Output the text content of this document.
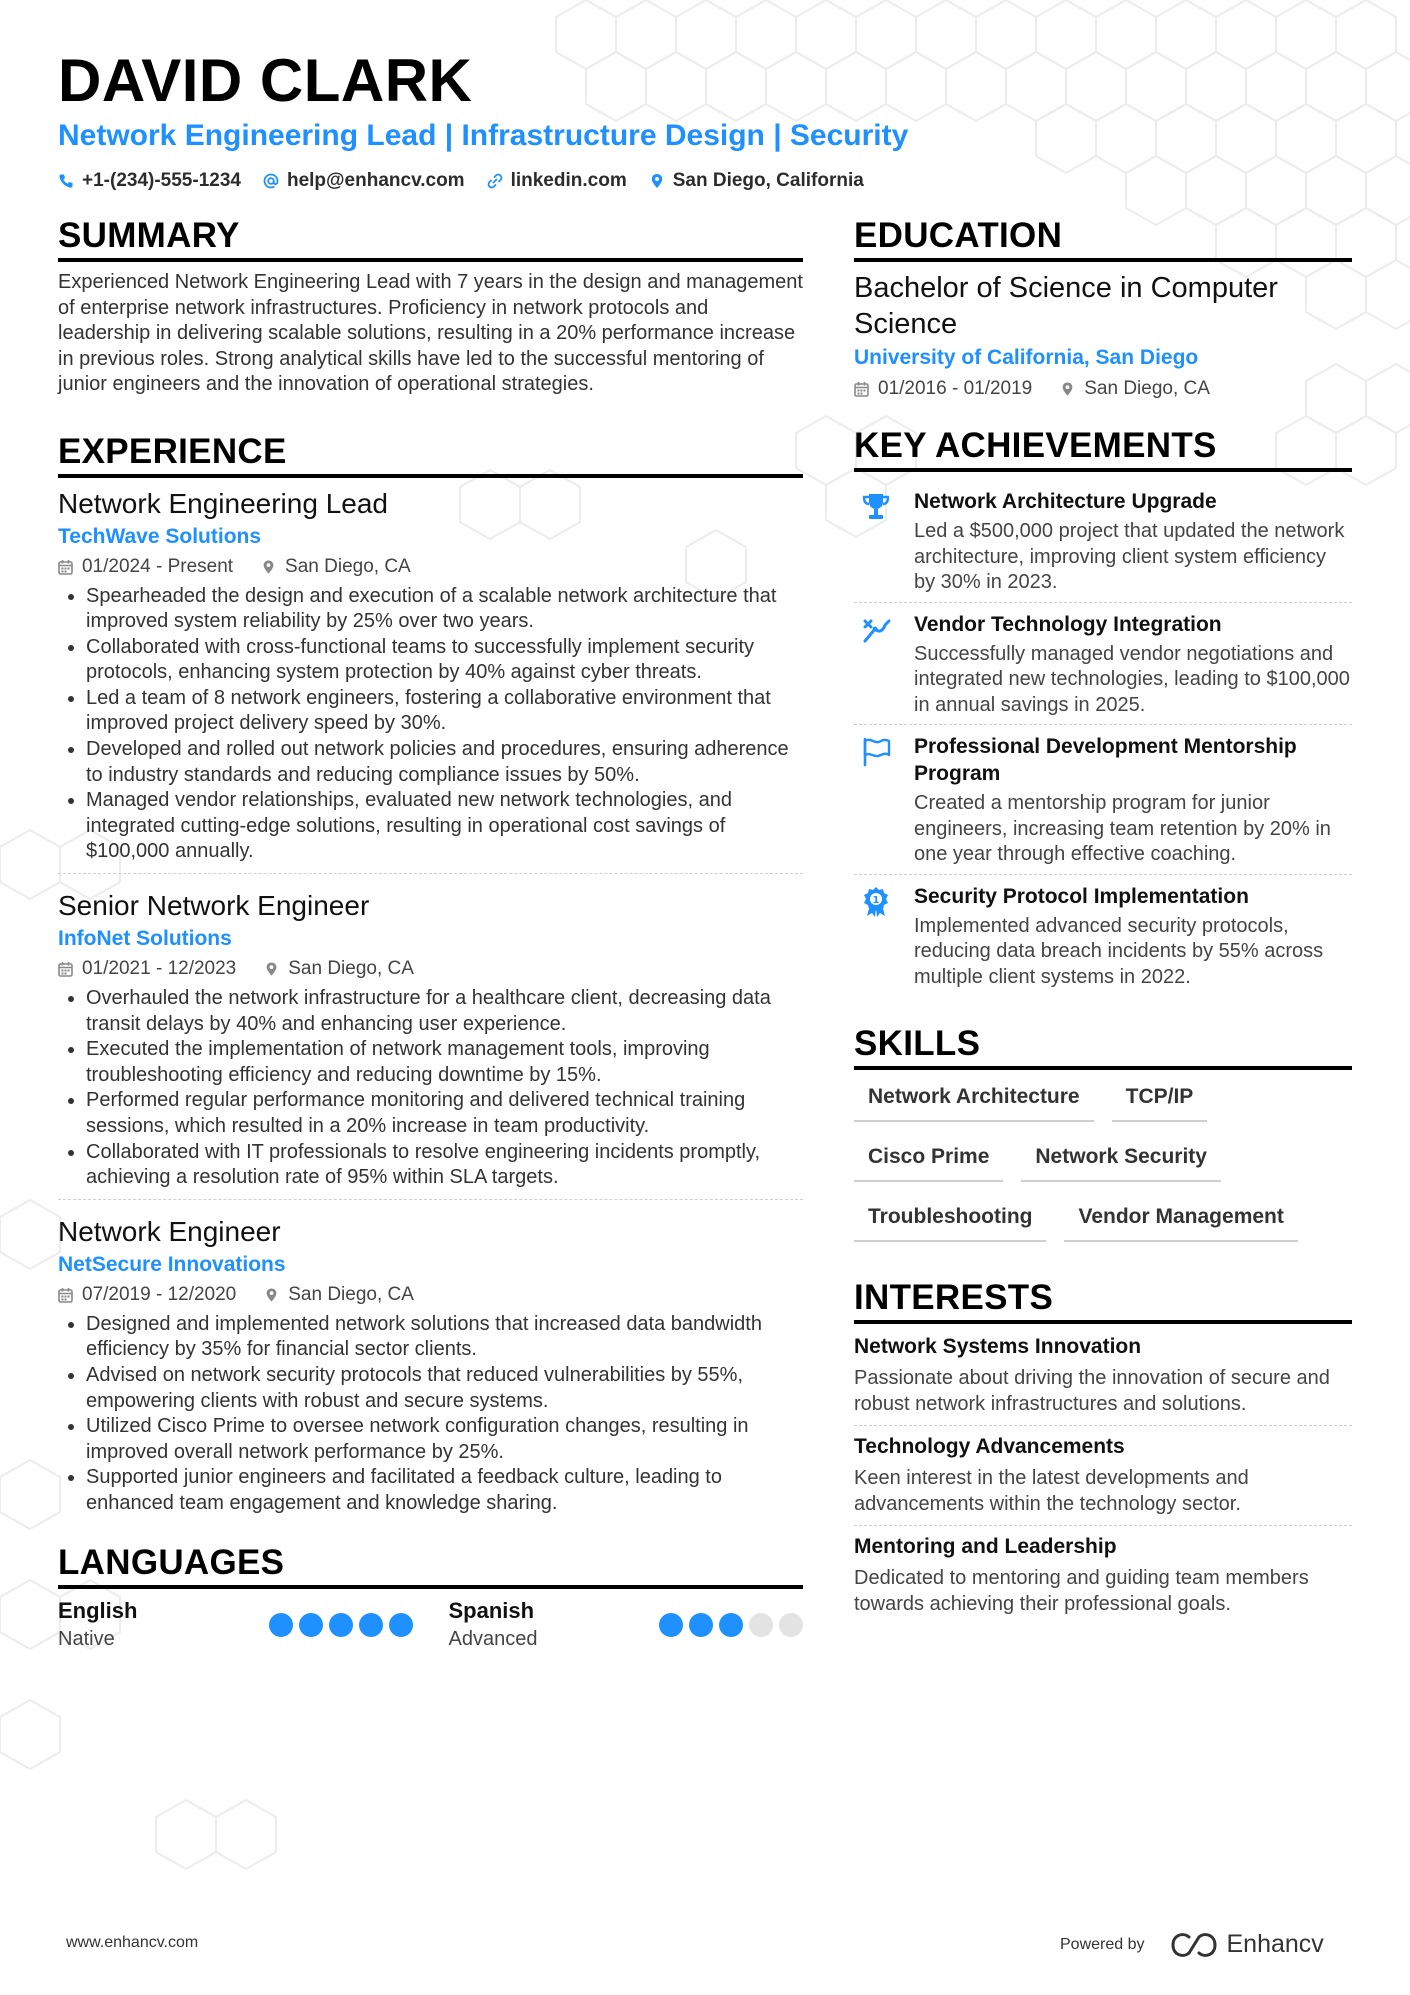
DAVID CLARK
Network Engineering Lead | Infrastructure Design | Security
+1-(234)-555-1234 help@enhancv.com linkedin.com San Diego, California
SUMMARY
Experienced Network Engineering Lead with 7 years in the design and management of enterprise network infrastructures. Proficiency in network protocols and leadership in delivering scalable solutions, resulting in a 20% performance increase in previous roles. Strong analytical skills have led to the successful mentoring of junior engineers and the innovation of operational strategies.
EXPERIENCE
Network Engineering Lead
TechWave Solutions
01/2024 - Present	San Diego, CA
• Spearheaded the design and execution of a scalable network architecture that improved system reliability by 25% over two years.
• Collaborated with cross-functional teams to successfully implement security protocols, enhancing system protection by 40% against cyber threats.
• Led a team of 8 network engineers, fostering a collaborative environment that improved project delivery speed by 30%.
• Developed and rolled out network policies and procedures, ensuring adherence to industry standards and reducing compliance issues by 50%.
• Managed vendor relationships, evaluated new network technologies, and integrated cutting-edge solutions, resulting in operational cost savings of $100,000 annually.
Senior Network Engineer
InfoNet Solutions
01/2021 - 12/2023	San Diego, CA
• Overhauled the network infrastructure for a healthcare client, decreasing data transit delays by 40% and enhancing user experience.
• Executed the implementation of network management tools, improving troubleshooting efficiency and reducing downtime by 15%.
• Performed regular performance monitoring and delivered technical training sessions, which resulted in a 20% increase in team productivity.
• Collaborated with IT professionals to resolve engineering incidents promptly, achieving a resolution rate of 95% within SLA targets.
Network Engineer
NetSecure Innovations
07/2019 - 12/2020	San Diego, CA
• Designed and implemented network solutions that increased data bandwidth efficiency by 35% for financial sector clients.
• Advised on network security protocols that reduced vulnerabilities by 55%, empowering clients with robust and secure systems.
• Utilized Cisco Prime to oversee network configuration changes, resulting in improved overall network performance by 25%.
• Supported junior engineers and facilitated a feedback culture, leading to enhanced team engagement and knowledge sharing.
LANGUAGES
English
Native
Spanish
Advanced
EDUCATION
Bachelor of Science in Computer Science
University of California, San Diego
01/2016 - 01/2019	San Diego, CA
KEY ACHIEVEMENTS
Network Architecture Upgrade
Led a $500,000 project that updated the network architecture, improving client system efficiency by 30% in 2023.
Vendor Technology Integration
Successfully managed vendor negotiations and integrated new technologies, leading to $100,000 in annual savings in 2025.
Professional Development Mentorship Program
Created a mentorship program for junior engineers, increasing team retention by 20% in one year through effective coaching.
1 Security Protocol Implementation
Implemented advanced security protocols, reducing data breach incidents by 55% across multiple client systems in 2022.
SKILLS
Network Architecture	TCP/IP
Cisco Prime	Network Security
Troubleshooting	Vendor Management
INTERESTS
Network Systems Innovation
Passionate about driving the innovation of secure and robust network infrastructures and solutions.
Technology Advancements
Keen interest in the latest developments and advancements within the technology sector.
Mentoring and Leadership
Dedicated to mentoring and guiding team members towards achieving their professional goals.
www.enhancv.com	Powered by	Enhancv
